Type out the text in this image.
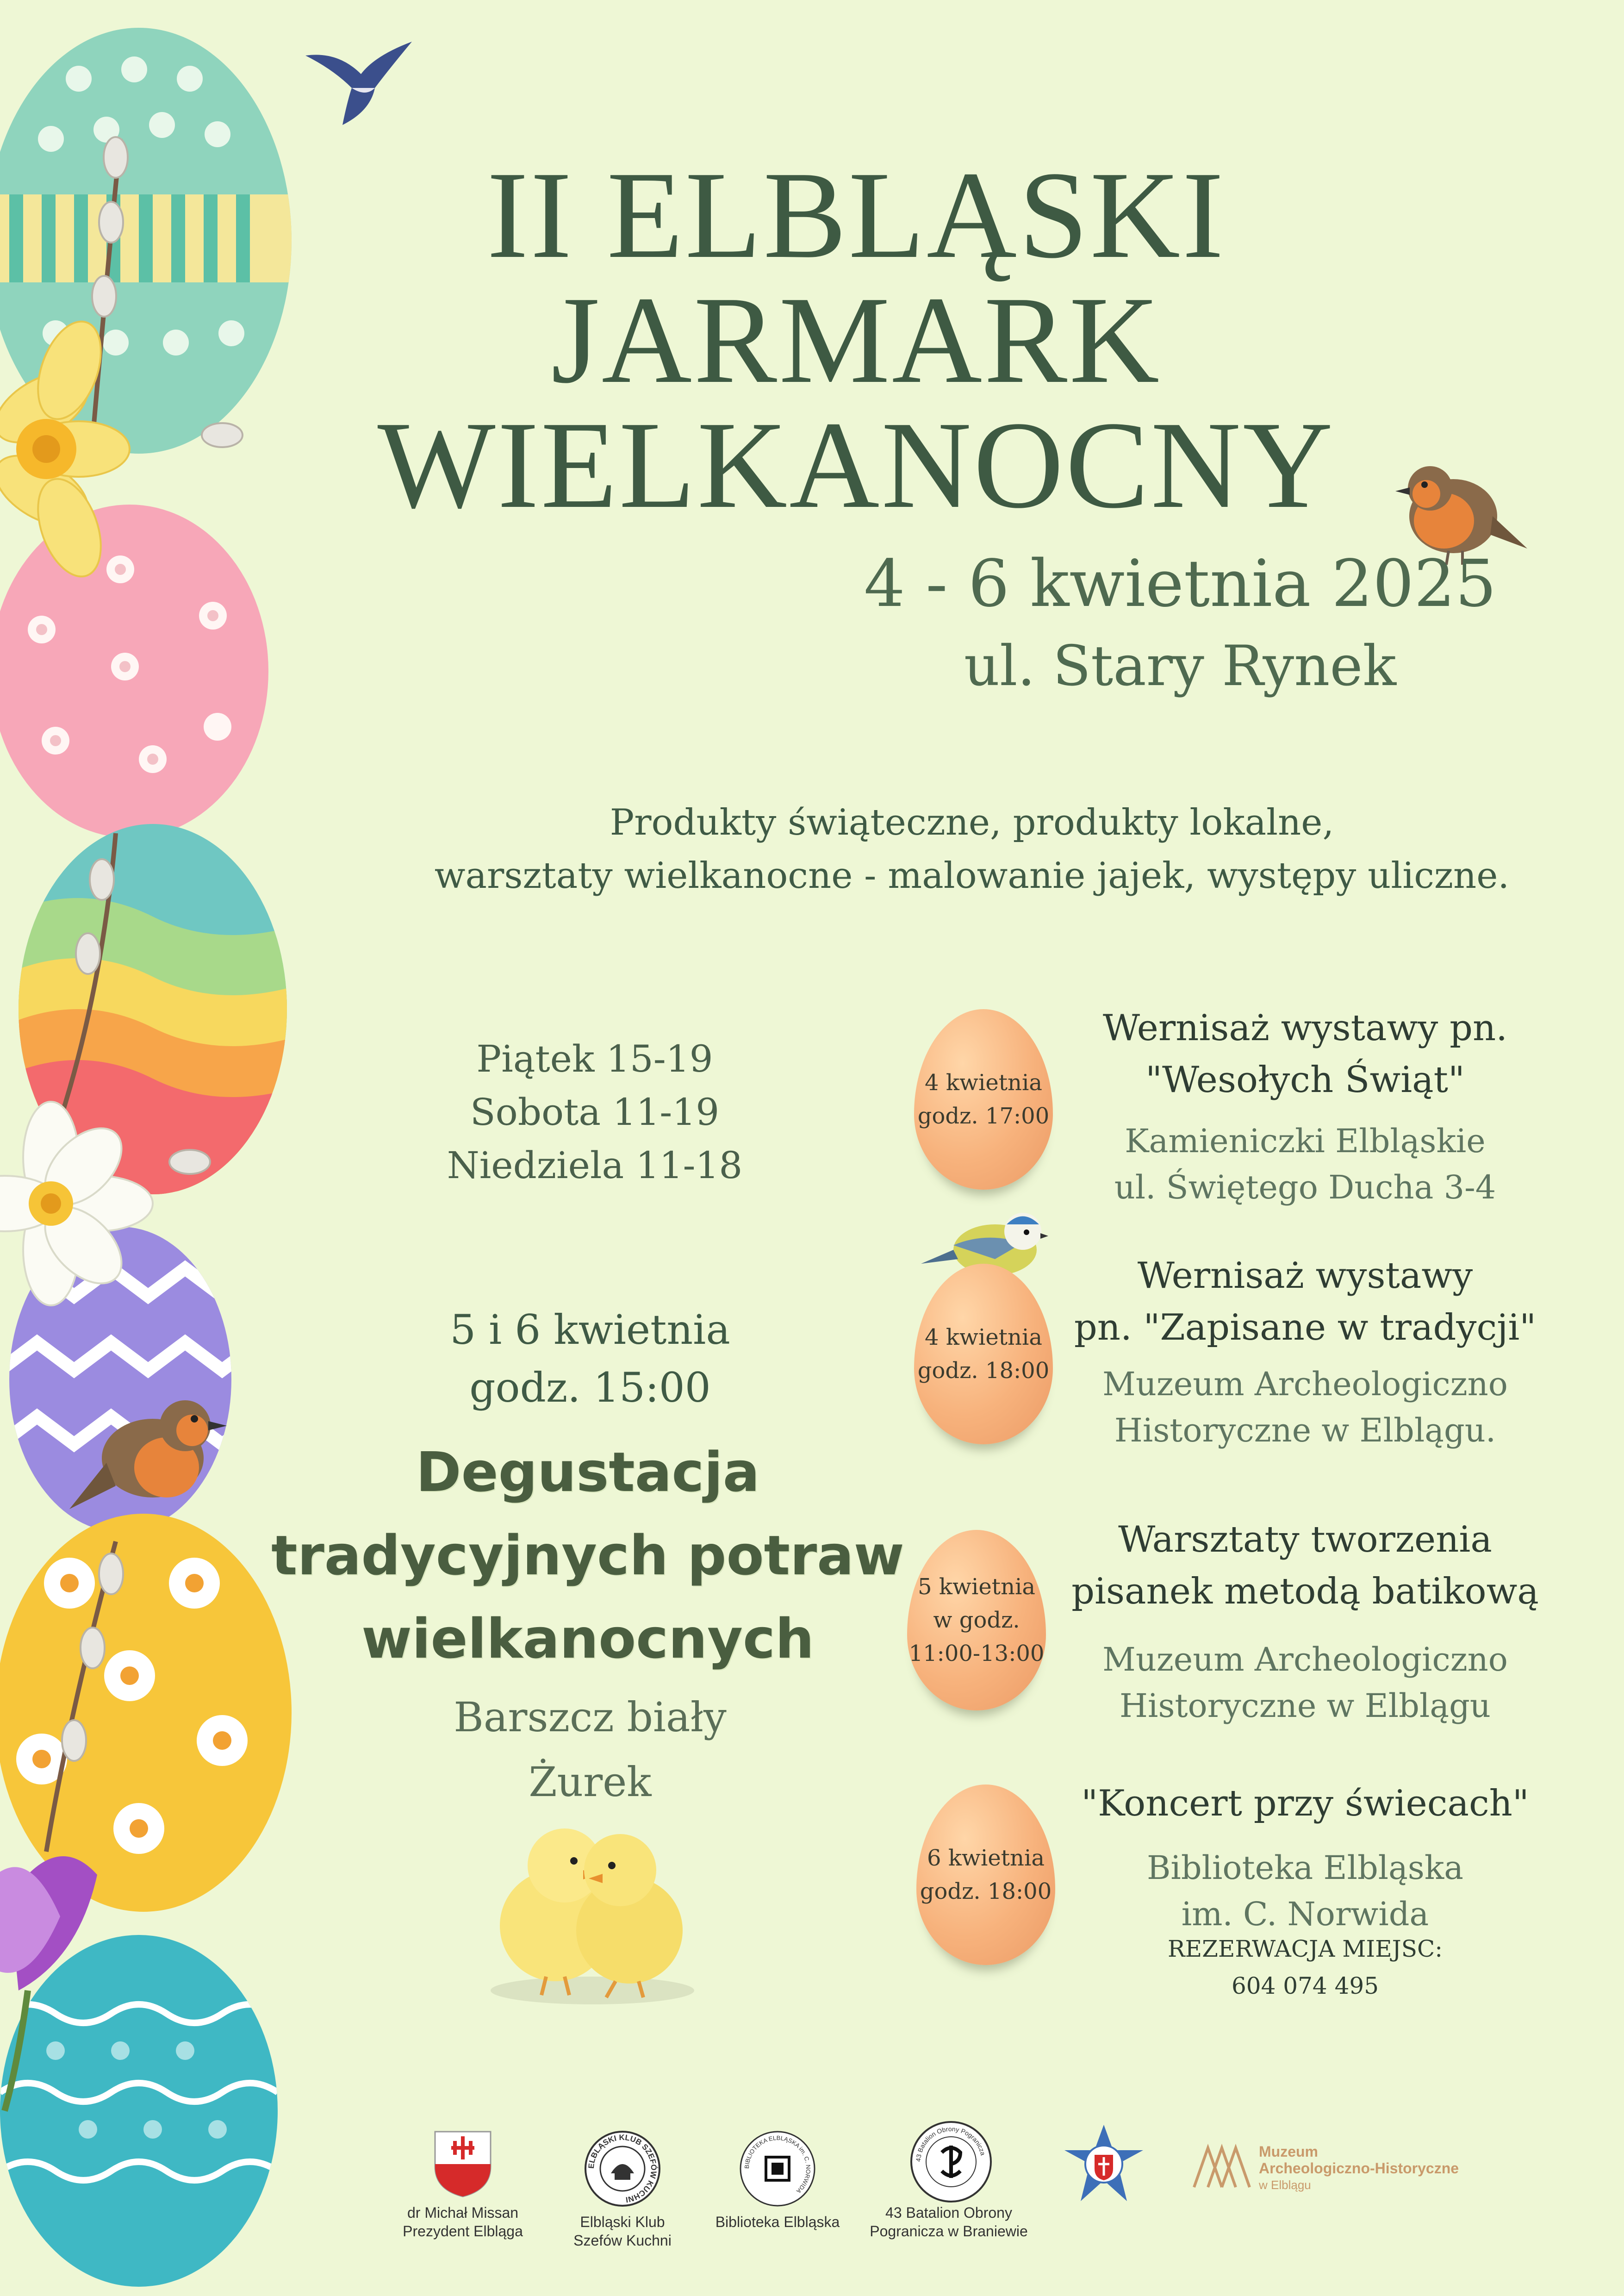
II ELBLĄSKI
JARMARK
WIELKANOCNY
4 - 6 kwietnia 2025
ul. Stary Rynek
Produkty świąteczne, produkty lokalne,
warsztaty wielkanocne - malowanie jajek, występy uliczne.
Piątek 15-19
Sobota 11-19
Niedziela 11-18
5 i 6 kwietnia
godz. 15:00
Degustacja
tradycyjnych potraw
wielkanocnych
Barszcz biały
Żurek
4 kwietnia
godz. 17:00
Wernisaż wystawy pn.
"Wesołych Świąt"
Kamieniczki Elbląskie
ul. Świętego Ducha 3-4
4 kwietnia
godz. 18:00
Wernisaż wystawy
pn. "Zapisane w tradycji"
Muzeum Archeologiczno
Historyczne w Elblągu.
5 kwietnia
w godz.
11:00-13:00
Warsztaty tworzenia
pisanek metodą batikową
Muzeum Archeologiczno
Historyczne w Elblągu
6 kwietnia
godz. 18:00
"Koncert przy świecach"
Biblioteka Elbląska
im. C. Norwida
REZERWACJA MIEJSC:
604 074 495
dr Michał Missan
Prezydent Elbląga
ELBLĄSKI KLUB SZEFÓW KUCHNI
Elbląski Klub
Szefów Kuchni
BIBLIOTEKA ELBLĄSKA im. C. NORWIDA
Biblioteka Elbląska
43 Batalion Obrony Pogranicza
43 Batalion Obrony
Pogranicza w Braniewie
Muzeum
Archeologiczno-Historyczne
w Elblągu
